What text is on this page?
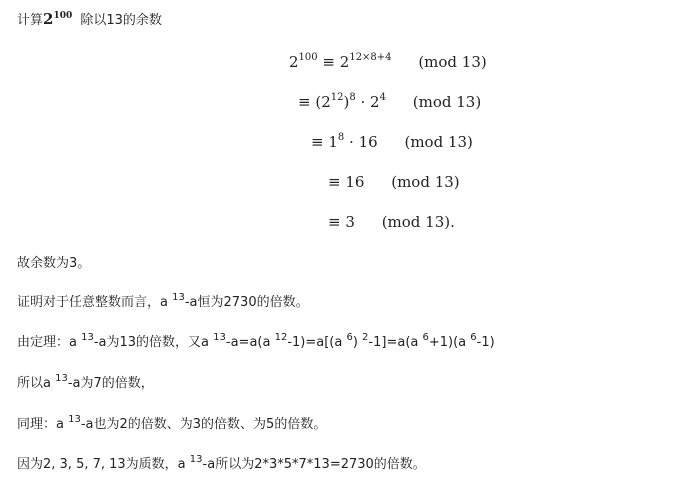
计算$2^{100}$ 除以13的余数
$2^{100} \equiv 2^{12\times 8+4}$ (mod 13)
≡ $(2^{12})^8 \cdot 2^4$ (mod 13)
≡ $1^8 \cdot 16$ (mod 13)
≡ 16 (mod 13)
≡ 3 (mod 13).
故余数为3。
证明对于任意整数而言，a $^{13}$-a恒为2730的倍数。
由定理：a $^{13}$-a为13的倍数，又a $^{13}$-a=a(a $^{12}$-1)=a[(a $^6$) $^2$-1]=a(a $^6$+1)(a $^6$-1)
所以a $^{13}$-a为7的倍数，
同理：a $^{13}$-a也为2的倍数、为3的倍数、为5的倍数。
因为2, 3, 5, 7, 13为质数，a $^{13}$-a所以为2*3*5*7*13=2730的倍数。
